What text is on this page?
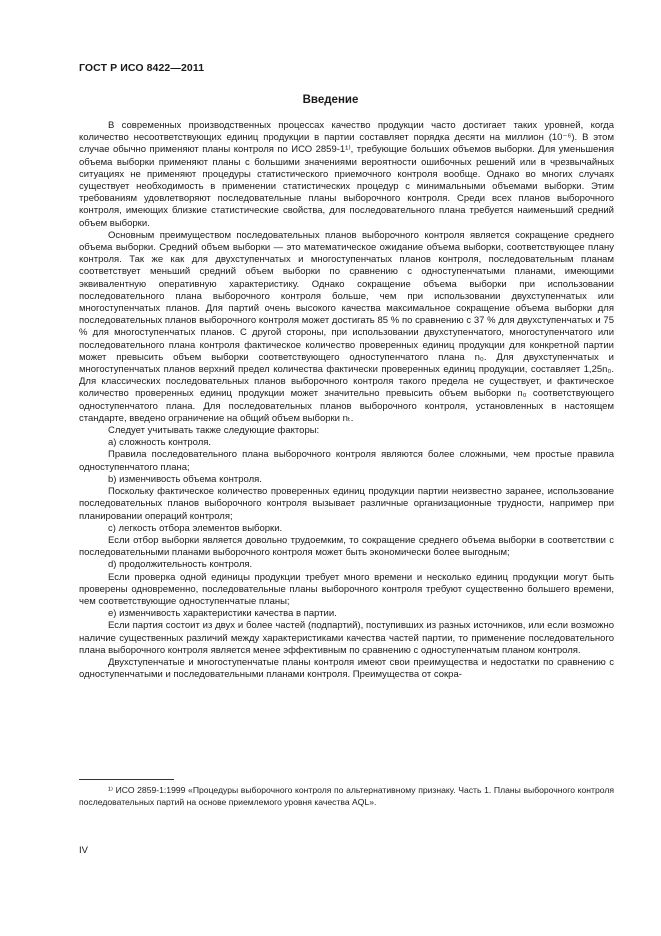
ГОСТ Р ИСО 8422—2011
Введение

В современных производственных процессах качество продукции часто достигает таких уровней, когда количество несоответствующих единиц продукции в партии составляет порядка десяти на миллион (10⁻⁶). В этом случае обычно применяют планы контроля по ИСО 2859-1¹⁾, требующие больших объемов выборки. Для уменьшения объема выборки применяют планы с большими значениями вероятности ошибочных решений или в чрезвычайных ситуациях не применяют процедуры статистического приемочного контроля вообще. Однако во многих случаях существует необходимость в применении статистических процедур с минимальными объемами выборки. Этим требованиям удовлетворяют последовательные планы выборочного контроля. Среди всех планов выборочного контроля, имеющих близкие статистические свойства, для последовательного плана требуется наименьший средний объем выборки.

Основным преимуществом последовательных планов выборочного контроля является сокращение среднего объема выборки. Средний объем выборки — это математическое ожидание объема выборки, соответствующее плану контроля. Так же как для двухступенчатых и многоступенчатых планов контроля, последовательным планам соответствует меньший средний объем выборки по сравнению с одноступенчатыми планами, имеющими эквивалентную оперативную характеристику. Однако сокращение объема выборки при использовании последовательного плана выборочного контроля больше, чем при использовании двухступенчатых или многоступенчатых планов. Для партий очень высокого качества максимальное сокращение объема выборки для последовательных планов выборочного контроля может достигать 85 % по сравнению с 37 % для двухступенчатых и 75 % для многоступенчатых планов. С другой стороны, при использовании двухступенчатого, многоступенчатого или последовательного плана контроля фактическое количество проверенных единиц продукции для конкретной партии может превысить объем выборки соответствующего одноступенчатого плана n₀. Для двухступенчатых и многоступенчатых планов верхний предел количества фактически проверенных единиц продукции, составляет 1,25n₀. Для классических последовательных планов выборочного контроля такого предела не существует, и фактическое количество проверенных единиц продукции может значительно превысить объем выборки n₀ соответствующего одноступенчатого плана. Для последовательных планов выборочного контроля, установленных в настоящем стандарте, введено ограничение на общий объем выборки nₜ.

Следует учитывать также следующие факторы:

a) сложность контроля.

Правила последовательного плана выборочного контроля являются более сложными, чем простые правила одноступенчатого плана;

b) изменчивость объема контроля.

Поскольку фактическое количество проверенных единиц продукции партии неизвестно заранее, использование последовательных планов выборочного контроля вызывает различные организационные трудности, например при планировании операций контроля;

c) легкость отбора элементов выборки.

Если отбор выборки является довольно трудоемким, то сокращение среднего объема выборки в соответствии с последовательными планами выборочного контроля может быть экономически более выгодным;

d) продолжительность контроля.

Если проверка одной единицы продукции требует много времени и несколько единиц продукции могут быть проверены одновременно, последовательные планы выборочного контроля требуют существенно большего времени, чем соответствующие одноступенчатые планы;

e) изменчивость характеристики качества в партии.

Если партия состоит из двух и более частей (подпартий), поступивших из разных источников, или если возможно наличие существенных различий между характеристиками качества частей партии, то применение последовательного плана выборочного контроля является менее эффективным по сравнению с одноступенчатым планом контроля.

Двухступенчатые и многоступенчатые планы контроля имеют свои преимущества и недостатки по сравнению с одноступенчатыми и последовательными планами контроля. Преимущества от сокра-

¹⁾ ИСО 2859-1:1999 «Процедуры выборочного контроля по альтернативному признаку. Часть 1. Планы выборочного контроля последовательных партий на основе приемлемого уровня качества AQL».
IV
